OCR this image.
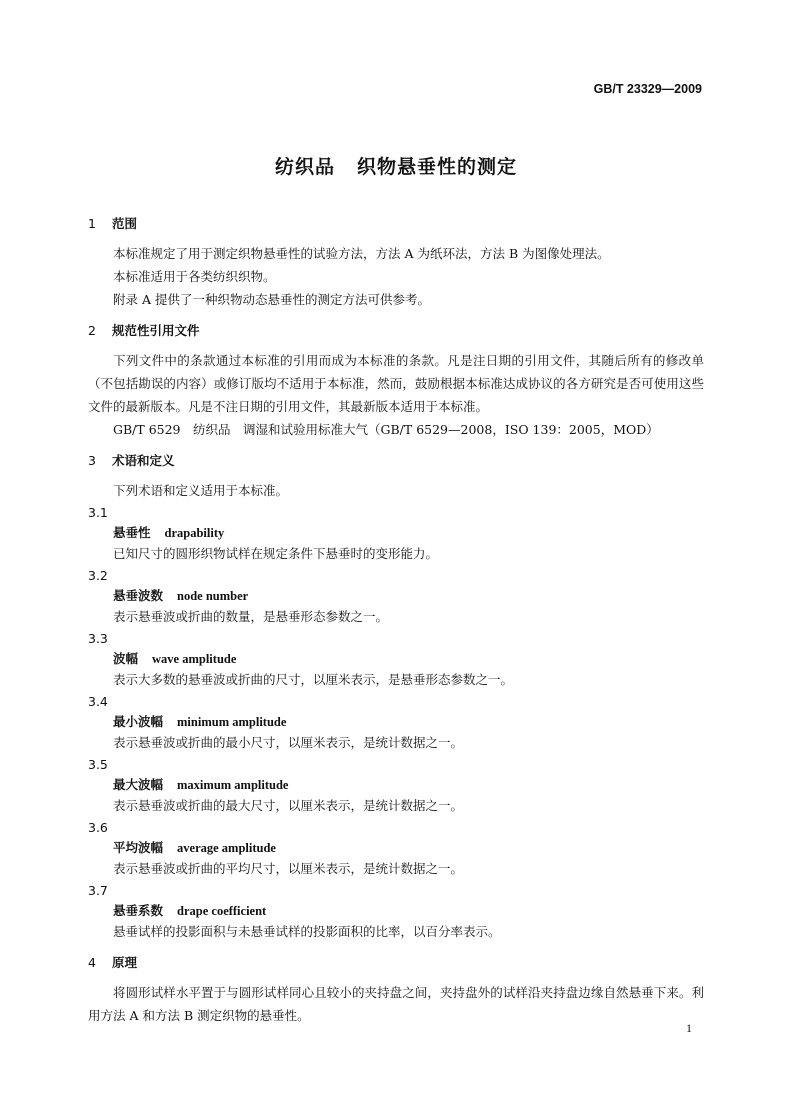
GB/T 23329—2009
纺织品 织物悬垂性的测定
1 范围

本标准规定了用于测定织物悬垂性的试验方法，方法 A 为纸环法，方法 B 为图像处理法。

本标准适用于各类纺织织物。

附录 A 提供了一种织物动态悬垂性的测定方法可供参考。

2 规范性引用文件

下列文件中的条款通过本标准的引用而成为本标准的条款。凡是注日期的引用文件，其随后所有的修改单（不包括勘误的内容）或修订版均不适用于本标准，然而，鼓励根据本标准达成协议的各方研究是否可使用这些文件的最新版本。凡是不注日期的引用文件，其最新版本适用于本标准。

GB/T 6529　纺织品　调湿和试验用标准大气（GB/T 6529—2008，ISO 139：2005，MOD）

3 术语和定义

下列术语和定义适用于本标准。

3.1
悬垂性 drapability
已知尺寸的圆形织物试样在规定条件下悬垂时的变形能力。
3.2
悬垂波数 node number
表示悬垂波或折曲的数量，是悬垂形态参数之一。
3.3
波幅 wave amplitude
表示大多数的悬垂波或折曲的尺寸，以厘米表示，是悬垂形态参数之一。
3.4
最小波幅 minimum amplitude
表示悬垂波或折曲的最小尺寸，以厘米表示，是统计数据之一。
3.5
最大波幅 maximum amplitude
表示悬垂波或折曲的最大尺寸，以厘米表示，是统计数据之一。
3.6
平均波幅 average amplitude
表示悬垂波或折曲的平均尺寸，以厘米表示，是统计数据之一。
3.7
悬垂系数 drape coefficient
悬垂试样的投影面积与未悬垂试样的投影面积的比率，以百分率表示。
4 原理

将圆形试样水平置于与圆形试样同心且较小的夹持盘之间，夹持盘外的试样沿夹持盘边缘自然悬垂下来。利用方法 A 和方法 B 测定织物的悬垂性。

1
